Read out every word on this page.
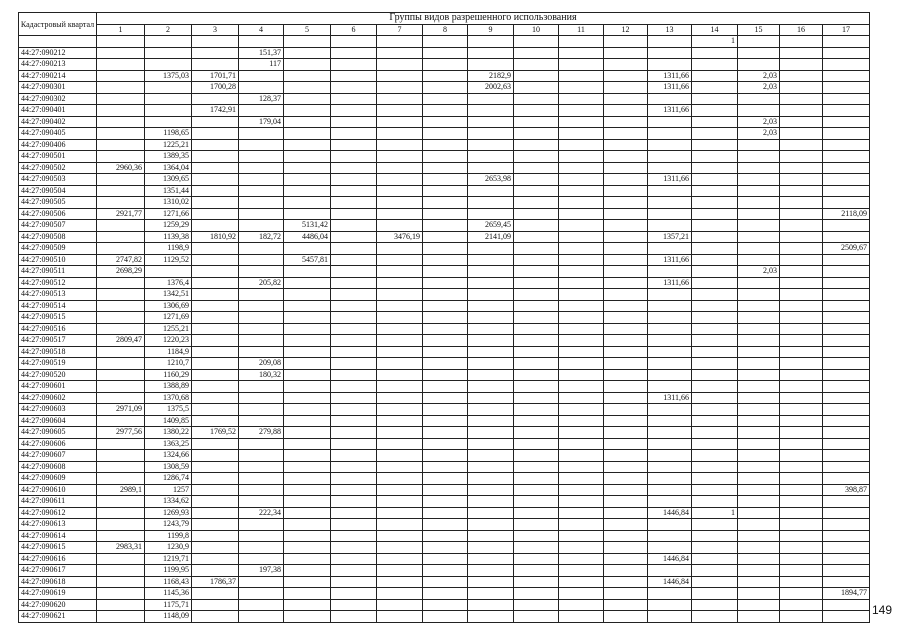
Кадастровый квартал	Группы видов разрешенного использования																
	1	2	3	4	5	6	7	8	9	10	11	12	13	14	15	16	17
														1			
44:27:090212				151,37													
44:27:090213				117													
44:27:090214		1375,03	1701,71						2182,9				1311,66		2,03		
44:27:090301			1700,28						2002,63				1311,66		2,03		
44:27:090302				128,37													
44:27:090401			1742,91										1311,66				
44:27:090402				179,04											2,03		
44:27:090405		1198,65													2,03		
44:27:090406		1225,21															
44:27:090501		1389,35															
44:27:090502	2960,36	1364,04															
44:27:090503		1309,65							2653,98				1311,66				
44:27:090504		1351,44															
44:27:090505		1310,02															
44:27:090506	2921,77	1271,66															2118,09
44:27:090507		1259,29			5131,42				2659,45								
44:27:090508		1139,38	1810,92	182,72	4486,04		3476,19		2141,09				1357,21				
44:27:090509		1198,9															2509,67
44:27:090510	2747,82	1129,52			5457,81								1311,66				
44:27:090511	2698,29														2,03		
44:27:090512		1376,4		205,82									1311,66				
44:27:090513		1342,51															
44:27:090514		1306,69															
44:27:090515		1271,69															
44:27:090516		1255,21															
44:27:090517	2809,47	1220,23															
44:27:090518		1184,9															
44:27:090519		1210,7		209,08													
44:27:090520		1160,29		180,32													
44:27:090601		1388,89															
44:27:090602		1370,68											1311,66				
44:27:090603	2971,09	1375,5															
44:27:090604		1409,85															
44:27:090605	2977,56	1380,22	1769,52	279,88													
44:27:090606		1363,25															
44:27:090607		1324,66															
44:27:090608		1308,59															
44:27:090609		1286,74															
44:27:090610	2989,1	1257															398,87
44:27:090611		1334,62															
44:27:090612		1269,93		222,34									1446,84	1			
44:27:090613		1243,79															
44:27:090614		1199,8															
44:27:090615	2983,31	1230,9															
44:27:090616		1219,71											1446,84				
44:27:090617		1199,95		197,38													
44:27:090618		1168,43	1786,37										1446,84				
44:27:090619		1145,36															1894,77
44:27:090620		1175,71															
44:27:090621		1148,09																149
